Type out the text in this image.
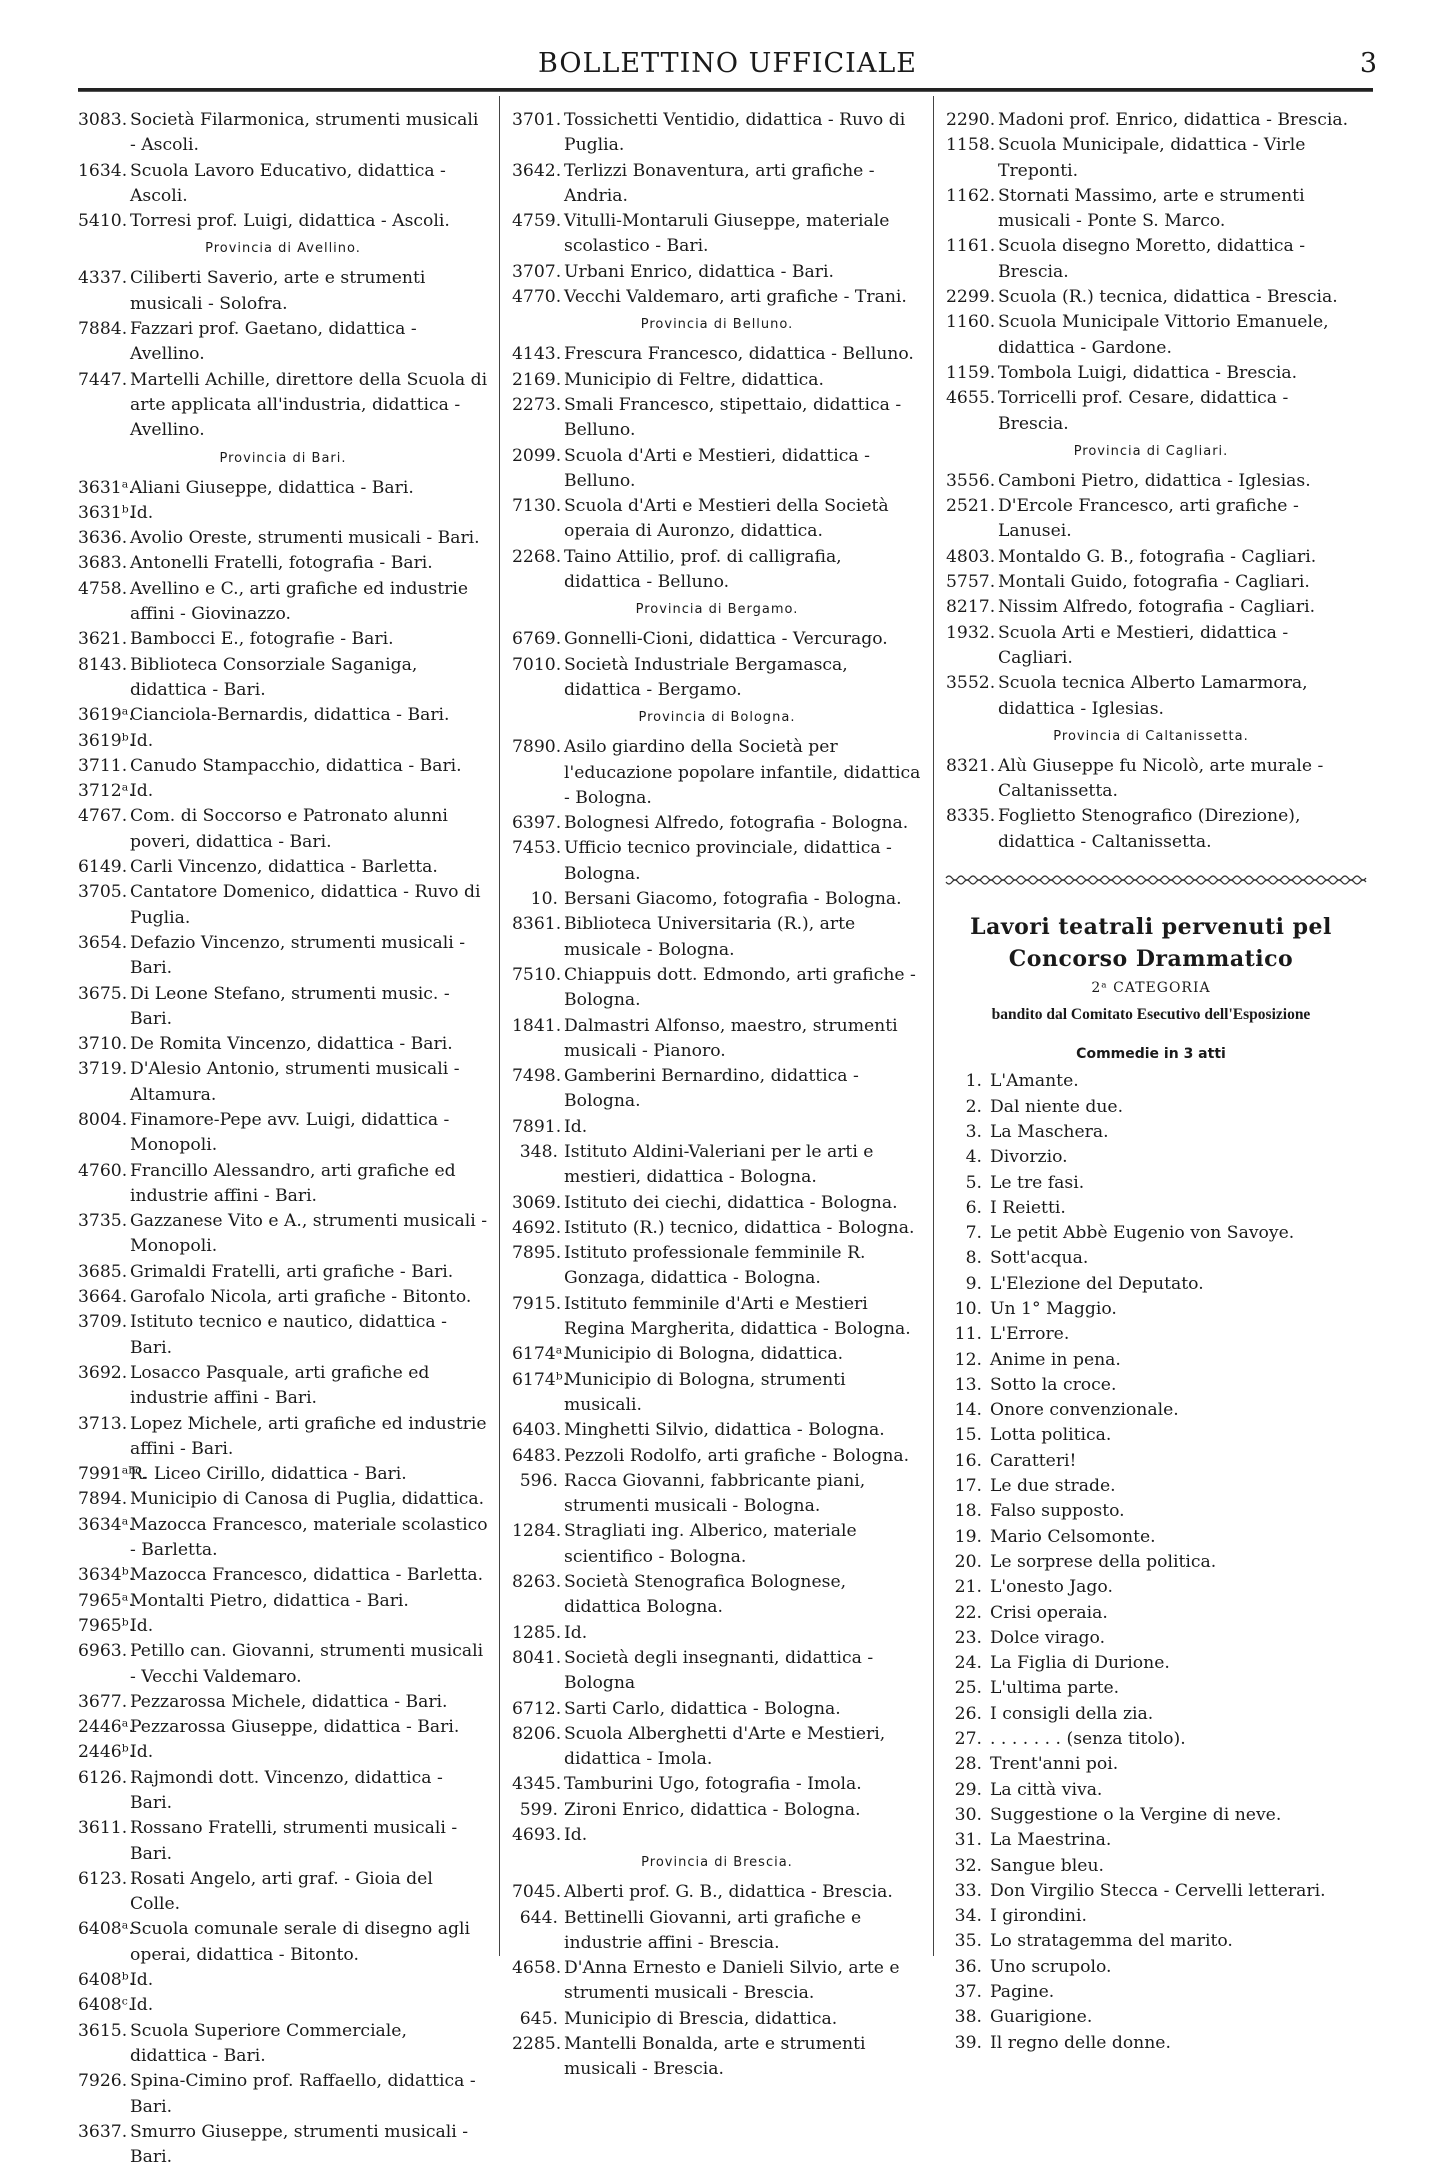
BOLLETTINO UFFICIALE	3
3083. Società Filarmonica, strumenti musicali - Ascoli.
1634. Scuola Lavoro Educativo, didattica - Ascoli.
5410. Torresi prof. Luigi, didattica - Ascoli.
Provincia di Avellino.
4337. Ciliberti Saverio, arte e strumenti musicali - Solofra.
7884. Fazzari prof. Gaetano, didattica - Avellino.
7447. Martelli Achille, direttore della Scuola di arte applicata all'industria, didattica - Avellino.
Provincia di Bari.
3631ᵃ.
Aliani Giuseppe, didattica - Bari.
3631ᵇ.
Id.
3636. Avolio Oreste, strumenti musicali - Bari.
3683. Antonelli Fratelli, fotografia - Bari.
4758. Avellino e C., arti grafiche ed industrie affini - Giovinazzo.
3621. Bambocci E., fotografie - Bari.
8143. Biblioteca Consorziale Saganiga, didattica - Bari.
3619ᵃ.
Cianciola-Bernardis, didattica - Bari.
3619ᵇ.
Id.
3711. Canudo Stampacchio, didattica - Bari.
3712ᵃ.
Id.
4767. Com. di Soccorso e Patronato alunni poveri, didattica - Bari.
6149. Carli Vincenzo, didattica - Barletta.
3705. Cantatore Domenico, didattica - Ruvo di Puglia.
3654. Defazio Vincenzo, strumenti musicali - Bari.
3675. Di Leone Stefano, strumenti music. - Bari.
3710. De Romita Vincenzo, didattica - Bari.
3719. D'Alesio Antonio, strumenti musicali - Altamura.
8004. Finamore-Pepe avv. Luigi, didattica - Monopoli.
4760. Francillo Alessandro, arti grafiche ed industrie affini - Bari.
3735. Gazzanese Vito e A., strumenti musicali - Monopoli.
3685. Grimaldi Fratelli, arti grafiche - Bari.
3664. Garofalo Nicola, arti grafiche - Bitonto.
3709. Istituto tecnico e nautico, didattica - Bari.
3692. Losacco Pasquale, arti grafiche ed industrie affini - Bari.
3713. Lopez Michele, arti grafiche ed industrie affini - Bari.
7991ᵃᵇᶜ.
R. Liceo Cirillo, didattica - Bari.
7894. Municipio di Canosa di Puglia, didattica.
3634ᵃ.
Mazocca Francesco, materiale scolastico - Barletta.
3634ᵇ.
Mazocca Francesco, didattica - Barletta.
7965ᵃ.
Montalti Pietro, didattica - Bari.
7965ᵇ.
Id.
6963. Petillo can. Giovanni, strumenti musicali - Vecchi Valdemaro.
3677. Pezzarossa Michele, didattica - Bari.
2446ᵃ.
Pezzarossa Giuseppe, didattica - Bari.
2446ᵇ.
Id.
6126. Rajmondi dott. Vincenzo, didattica - Bari.
3611. Rossano Fratelli, strumenti musicali - Bari.
6123. Rosati Angelo, arti graf. - Gioia del Colle.
6408ᵃ.
Scuola comunale serale di disegno agli operai, didattica - Bitonto.
6408ᵇ.
Id.
6408ᶜ.
Id.
3615. Scuola Superiore Commerciale, didattica - Bari.
7926. Spina-Cimino prof. Raffaello, didattica - Bari.
3637. Smurro Giuseppe, strumenti musicali - Bari.
3701. Tossichetti Ventidio, didattica - Ruvo di Puglia.
3642. Terlizzi Bonaventura, arti grafiche - Andria.
4759. Vitulli-Montaruli Giuseppe, materiale scolastico - Bari.
3707. Urbani Enrico, didattica - Bari.
4770. Vecchi Valdemaro, arti grafiche - Trani.
Provincia di Belluno.
4143. Frescura Francesco, didattica - Belluno.
2169. Municipio di Feltre, didattica.
2273. Smali Francesco, stipettaio, didattica - Belluno.
2099. Scuola d'Arti e Mestieri, didattica - Belluno.
7130. Scuola d'Arti e Mestieri della Società operaia di Auronzo, didattica.
2268. Taino Attilio, prof. di calligrafia, didattica - Belluno.
Provincia di Bergamo.
6769. Gonnelli-Cioni, didattica - Vercurago.
7010. Società Industriale Bergamasca, didattica - Bergamo.
Provincia di Bologna.
7890. Asilo giardino della Società per l'educazione popolare infantile, didattica - Bologna.
6397. Bolognesi Alfredo, fotografia - Bologna.
7453. Ufficio tecnico provinciale, didattica - Bologna.
10. Bersani Giacomo, fotografia - Bologna.
8361. Biblioteca Universitaria (R.), arte musicale - Bologna.
7510. Chiappuis dott. Edmondo, arti grafiche - Bologna.
1841. Dalmastri Alfonso, maestro, strumenti musicali - Pianoro.
7498. Gamberini Bernardino, didattica - Bologna.
7891. Id.
348. Istituto Aldini-Valeriani per le arti e mestieri, didattica - Bologna.
3069. Istituto dei ciechi, didattica - Bologna.
4692. Istituto (R.) tecnico, didattica - Bologna.
7895. Istituto professionale femminile R. Gonzaga, didattica - Bologna.
7915. Istituto femminile d'Arti e Mestieri Regina Margherita, didattica - Bologna.
6174ᵃ.
Municipio di Bologna, didattica.
6174ᵇ.
Municipio di Bologna, strumenti musicali.
6403. Minghetti Silvio, didattica - Bologna.
6483. Pezzoli Rodolfo, arti grafiche - Bologna.
596. Racca Giovanni, fabbricante piani, strumenti musicali - Bologna.
1284. Stragliati ing. Alberico, materiale scientifico - Bologna.
8263. Società Stenografica Bolognese, didattica Bologna.
1285. Id.
8041. Società degli insegnanti, didattica - Bologna
6712. Sarti Carlo, didattica - Bologna.
8206. Scuola Alberghetti d'Arte e Mestieri, didattica - Imola.
4345. Tamburini Ugo, fotografia - Imola.
599. Zironi Enrico, didattica - Bologna.
4693. Id.
Provincia di Brescia.
7045. Alberti prof. G. B., didattica - Brescia.
644. Bettinelli Giovanni, arti grafiche e industrie affini - Brescia.
4658. D'Anna Ernesto e Danieli Silvio, arte e strumenti musicali - Brescia.
645. Municipio di Brescia, didattica.
2285. Mantelli Bonalda, arte e strumenti musicali - Brescia.
2290. Madoni prof. Enrico, didattica - Brescia.
1158. Scuola Municipale, didattica - Virle Treponti.
1162. Stornati Massimo, arte e strumenti musicali - Ponte S. Marco.
1161. Scuola disegno Moretto, didattica - Brescia.
2299. Scuola (R.) tecnica, didattica - Brescia.
1160. Scuola Municipale Vittorio Emanuele, didattica - Gardone.
1159. Tombola Luigi, didattica - Brescia.
4655. Torricelli prof. Cesare, didattica - Brescia.
Provincia di Cagliari.
3556. Camboni Pietro, didattica - Iglesias.
2521. D'Ercole Francesco, arti grafiche - Lanusei.
4803. Montaldo G. B., fotografia - Cagliari.
5757. Montali Guido, fotografia - Cagliari.
8217. Nissim Alfredo, fotografia - Cagliari.
1932. Scuola Arti e Mestieri, didattica - Cagliari.
3552. Scuola tecnica Alberto Lamarmora, didattica - Iglesias.
Provincia di Caltanissetta.
8321. Alù Giuseppe fu Nicolò, arte murale - Caltanissetta.
8335. Foglietto Stenografico (Direzione), didattica - Caltanissetta.
Lavori teatrali pervenuti pel Concorso Drammatico
2ᵃ CATEGORIA
bandito dal Comitato Esecutivo dell'Esposizione
Commedie in 3 atti
1. L'Amante.
2. Dal niente due.
3. La Maschera.
4. Divorzio.
5. Le tre fasi.
6. I Reietti.
7. Le petit Abbè Eugenio von Savoye.
8. Sott'acqua.
9. L'Elezione del Deputato.
10. Un 1° Maggio.
11. L'Errore.
12. Anime in pena.
13. Sotto la croce.
14. Onore convenzionale.
15. Lotta politica.
16. Caratteri!
17. Le due strade.
18. Falso supposto.
19. Mario Celsomonte.
20. Le sorprese della politica.
21. L'onesto Jago.
22. Crisi operaia.
23. Dolce virago.
24. La Figlia di Durione.
25. L'ultima parte.
26. I consigli della zia.
27. . . . . . . . (senza titolo).
28. Trent'anni poi.
29. La città viva.
30. Suggestione o la Vergine di neve.
31. La Maestrina.
32. Sangue bleu.
33. Don Virgilio Stecca - Cervelli letterari.
34. I girondini.
35. Lo stratagemma del marito.
36. Uno scrupolo.
37. Pagine.
38. Guarigione.
39. Il regno delle donne.
